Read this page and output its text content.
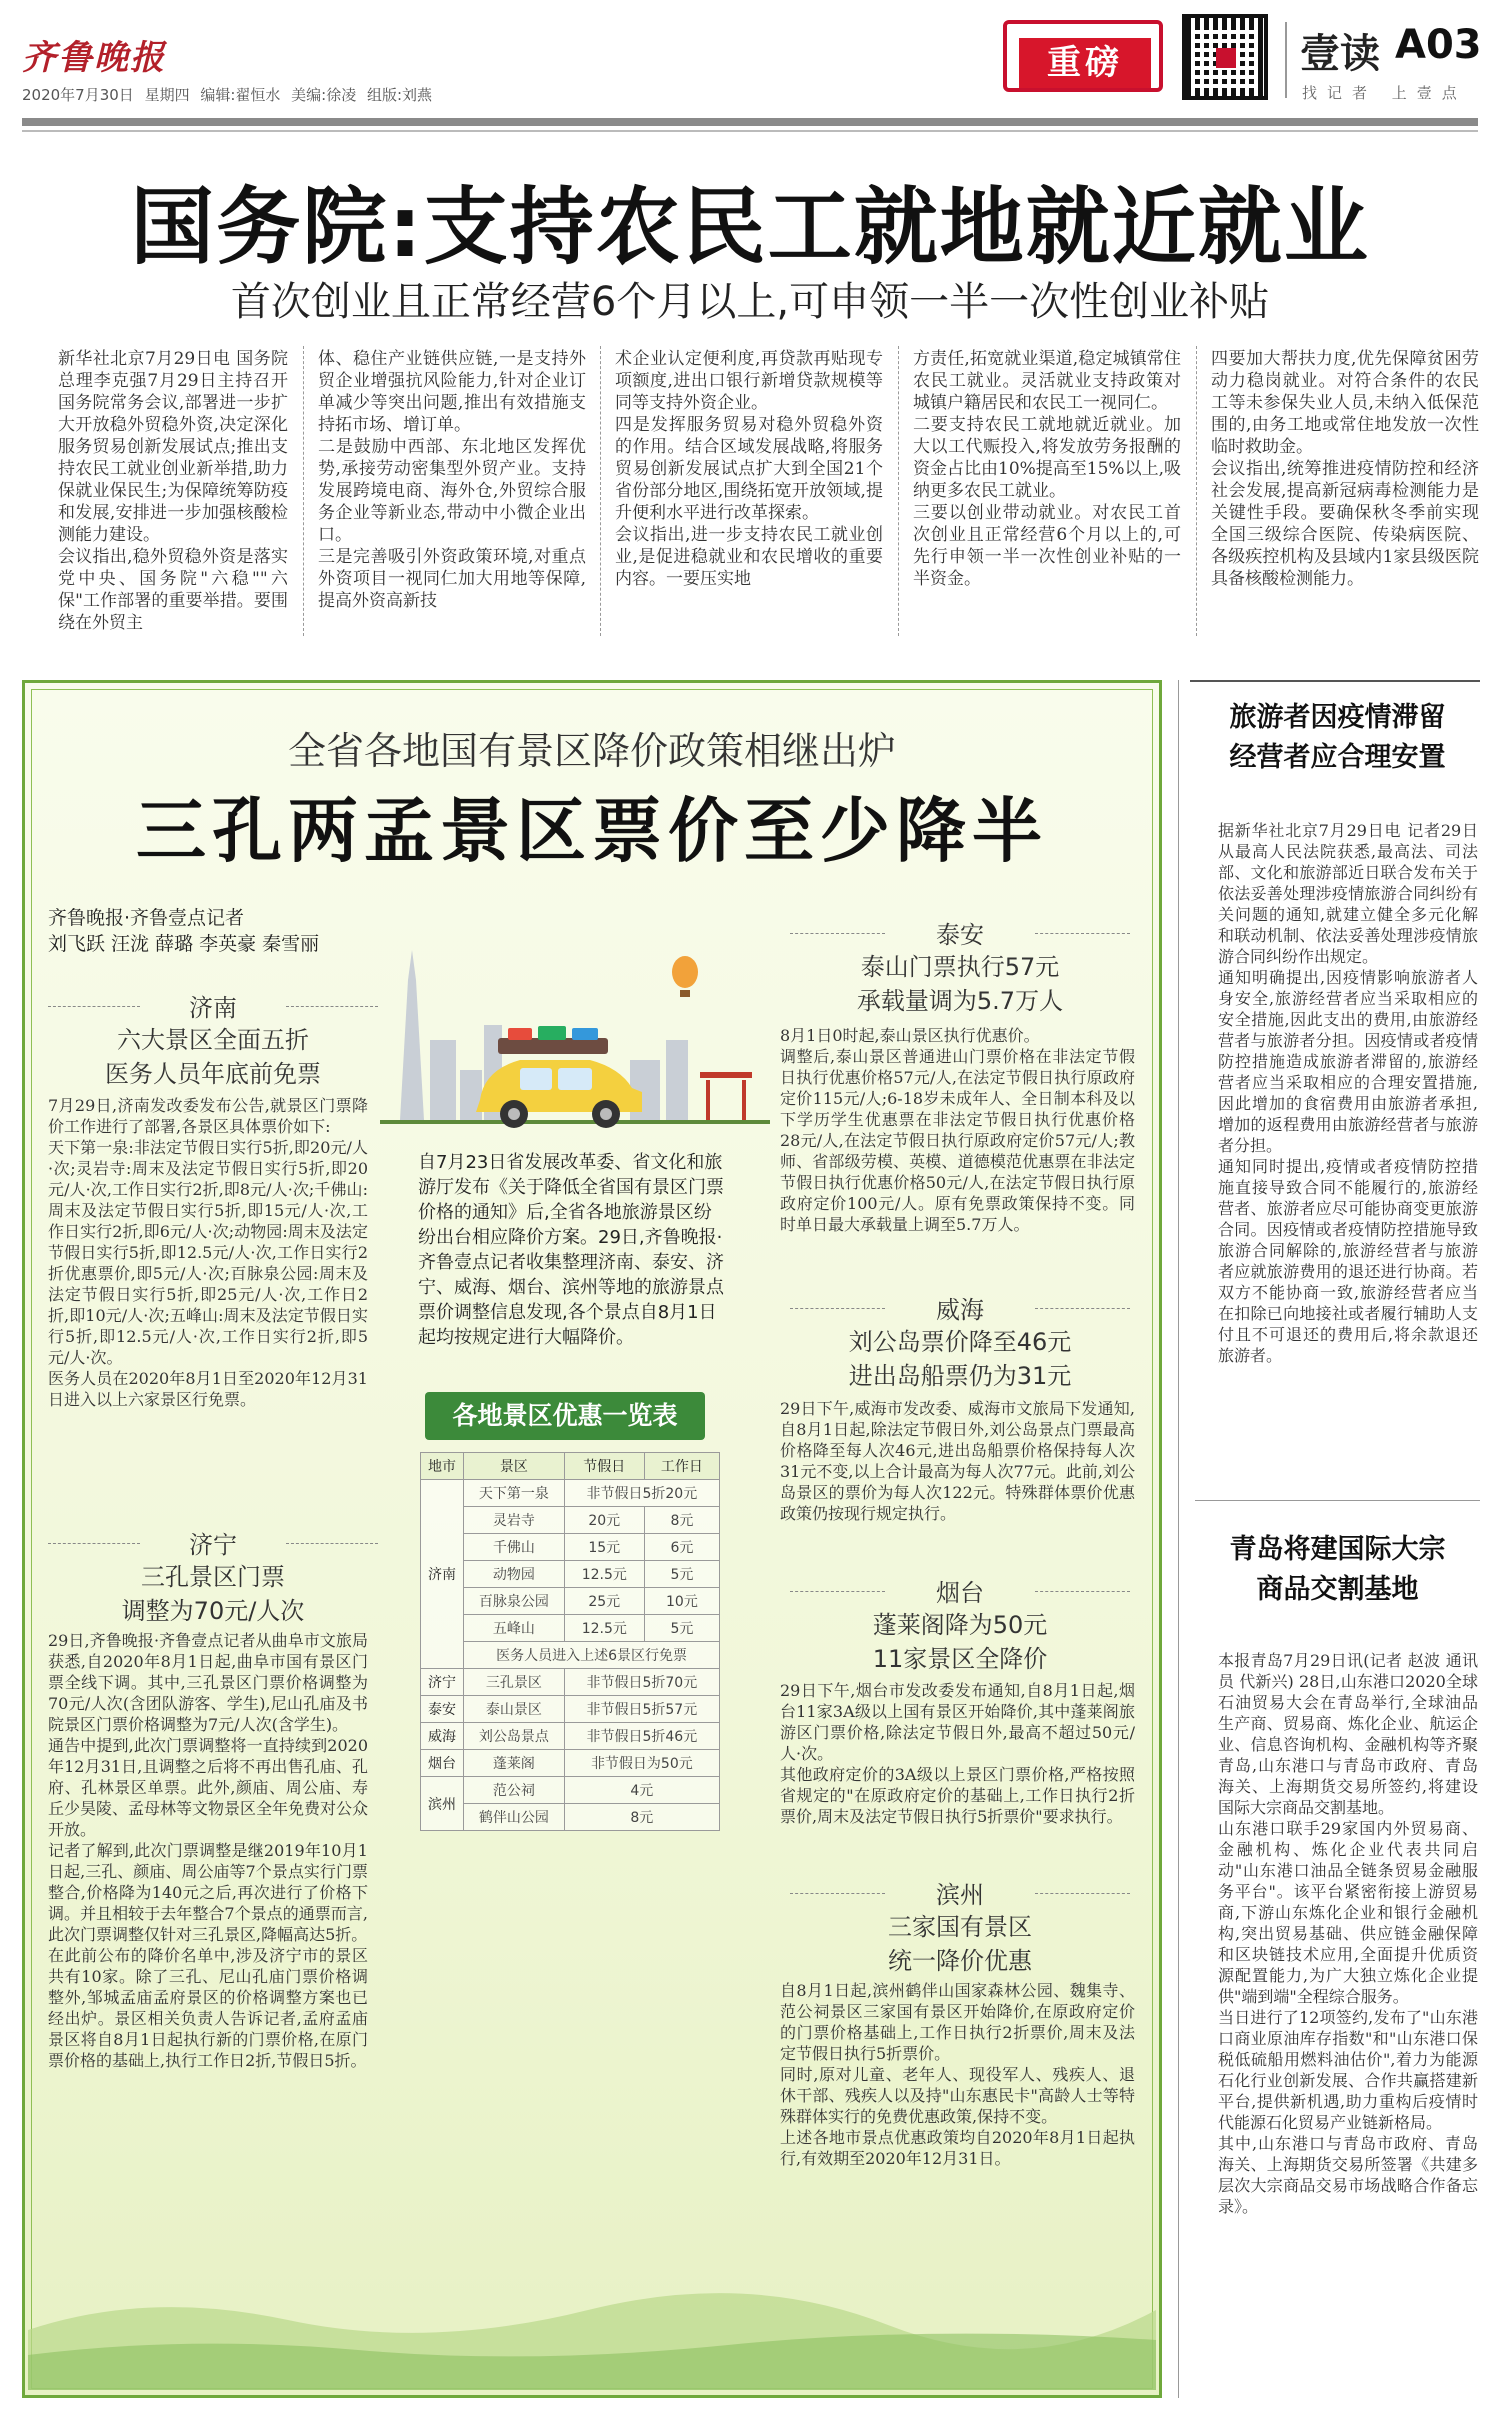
齐鲁晚报
2020年7月30日 星期四 编辑:翟恒水 美编:徐凌 组版:刘燕
重磅	壹读 A03
找记者 上壹点
国务院:支持农民工就地就近就业
首次创业且正常经营6个月以上,可申领一半一次性创业补贴
新华社北京7月29日电 国务院总理李克强7月29日主持召开国务院常务会议,部署进一步扩大开放稳外贸稳外资,决定深化服务贸易创新发展试点;推出支持农民工就业创业新举措,助力保就业保民生;为保障统筹防疫和发展,安排进一步加强核酸检测能力建设。
会议指出,稳外贸稳外资是落实党中央、国务院"六稳""六保"工作部署的重要举措。要围绕在外贸主
体、稳住产业链供应链,一是支持外贸企业增强抗风险能力,针对企业订单减少等突出问题,推出有效措施支持拓市场、增订单。
二是鼓励中西部、东北地区发挥优势,承接劳动密集型外贸产业。支持发展跨境电商、海外仓,外贸综合服务企业等新业态,带动中小微企业出口。
三是完善吸引外资政策环境,对重点外资项目一视同仁加大用地等保障,提高外资高新技
术企业认定便利度,再贷款再贴现专项额度,进出口银行新增贷款规模等同等支持外资企业。
四是发挥服务贸易对稳外贸稳外资的作用。结合区域发展战略,将服务贸易创新发展试点扩大到全国21个省份部分地区,围绕拓宽开放领域,提升便利水平进行改革探索。
会议指出,进一步支持农民工就业创业,是促进稳就业和农民增收的重要内容。一要压实地
方责任,拓宽就业渠道,稳定城镇常住农民工就业。灵活就业支持政策对城镇户籍居民和农民工一视同仁。
二要支持农民工就地就近就业。加大以工代赈投入,将发放劳务报酬的资金占比由10%提高至15%以上,吸纳更多农民工就业。
三要以创业带动就业。对农民工首次创业且正常经营6个月以上的,可先行申领一半一次性创业补贴的一半资金。
四要加大帮扶力度,优先保障贫困劳动力稳岗就业。对符合条件的农民工等未参保失业人员,未纳入低保范围的,由务工地或常住地发放一次性临时救助金。
会议指出,统筹推进疫情防控和经济社会发展,提高新冠病毒检测能力是关键性手段。要确保秋冬季前实现全国三级综合医院、传染病医院、各级疾控机构及县域内1家县级医院具备核酸检测能力。
全省各地国有景区降价政策相继出炉
三孔两孟景区票价至少降半
齐鲁晚报·齐鲁壹点记者
刘飞跃 汪泷 薛璐 李英豪 秦雪丽
济南
六大景区全面五折
医务人员年底前免票
7月29日,济南发改委发布公告,就景区门票降价工作进行了部署,各景区具体票价如下:
天下第一泉:非法定节假日实行5折,即20元/人·次;灵岩寺:周末及法定节假日实行5折,即20元/人·次,工作日实行2折,即8元/人·次;千佛山:周末及法定节假日实行5折,即15元/人·次,工作日实行2折,即6元/人·次;动物园:周末及法定节假日实行5折,即12.5元/人·次,工作日实行2折优惠票价,即5元/人·次;百脉泉公园:周末及法定节假日实行5折,即25元/人·次,工作日2折,即10元/人·次;五峰山:周末及法定节假日实行5折,即12.5元/人·次,工作日实行2折,即5元/人·次。
医务人员在2020年8月1日至2020年12月31日进入以上六家景区行免票。
济宁
三孔景区门票
调整为70元/人次
29日,齐鲁晚报·齐鲁壹点记者从曲阜市文旅局获悉,自2020年8月1日起,曲阜市国有景区门票全线下调。其中,三孔景区门票价格调整为70元/人次(含团队游客、学生),尼山孔庙及书院景区门票价格调整为7元/人次(含学生)。
通告中提到,此次门票调整将一直持续到2020年12月31日,且调整之后将不再出售孔庙、孔府、孔林景区单票。此外,颜庙、周公庙、寿丘少昊陵、孟母林等文物景区全年免费对公众开放。
记者了解到,此次门票调整是继2019年10月1日起,三孔、颜庙、周公庙等7个景点实行门票整合,价格降为140元之后,再次进行了价格下调。并且相较于去年整合7个景点的通票而言,此次门票调整仅针对三孔景区,降幅高达5折。
在此前公布的降价名单中,涉及济宁市的景区共有10家。除了三孔、尼山孔庙门票价格调整外,邹城孟庙孟府景区的价格调整方案也已经出炉。景区相关负责人告诉记者,孟府孟庙景区将自8月1日起执行新的门票价格,在原门票价格的基础上,执行工作日2折,节假日5折。
自7月23日省发展改革委、省文化和旅游厅发布《关于降低全省国有景区门票价格的通知》后,全省各地旅游景区纷纷出台相应降价方案。29日,齐鲁晚报·齐鲁壹点记者收集整理济南、泰安、济宁、威海、烟台、滨州等地的旅游景点票价调整信息发现,各个景点自8月1日起均按规定进行大幅降价。
各地景区优惠一览表
地市	景区	节假日	工作日
济南	天下第一泉	非节假日5折20元	
	灵岩寺	20元	8元
	千佛山	15元	6元
	动物园	12.5元	5元
	百脉泉公园	25元	10元
	五峰山	12.5元	5元
	医务人员进入上述6景区行免票		
济宁	三孔景区	非节假日5折70元	
泰安	泰山景区	非节假日5折57元	
威海	刘公岛景点	非节假日5折46元	
烟台	蓬莱阁	非节假日为50元	
滨州	范公祠	4元	
	鹤伴山公园	8元	
泰安
泰山门票执行57元
承载量调为5.7万人
8月1日0时起,泰山景区执行优惠价。
调整后,泰山景区普通进山门票价格在非法定节假日执行优惠价格57元/人,在法定节假日执行原政府定价115元/人;6-18岁未成年人、全日制本科及以下学历学生优惠票在非法定节假日执行优惠价格28元/人,在法定节假日执行原政府定价57元/人;教师、省部级劳模、英模、道德模范优惠票在非法定节假日执行优惠价格50元/人,在法定节假日执行原政府定价100元/人。原有免票政策保持不变。同时单日最大承载量上调至5.7万人。
威海
刘公岛票价降至46元
进出岛船票仍为31元
29日下午,威海市发改委、威海市文旅局下发通知,自8月1日起,除法定节假日外,刘公岛景点门票最高价格降至每人次46元,进出岛船票价格保持每人次31元不变,以上合计最高为每人次77元。此前,刘公岛景区的票价为每人次122元。特殊群体票价优惠政策仍按现行规定执行。
烟台
蓬莱阁降为50元
11家景区全降价
29日下午,烟台市发改委发布通知,自8月1日起,烟台11家3A级以上国有景区开始降价,其中蓬莱阁旅游区门票价格,除法定节假日外,最高不超过50元/人·次。
其他政府定价的3A级以上景区门票价格,严格按照省规定的"在原政府定价的基础上,工作日执行2折票价,周末及法定节假日执行5折票价"要求执行。
滨州
三家国有景区
统一降价优惠
自8月1日起,滨州鹤伴山国家森林公园、魏集寺、范公祠景区三家国有景区开始降价,在原政府定价的门票价格基础上,工作日执行2折票价,周末及法定节假日执行5折票价。
同时,原对儿童、老年人、现役军人、残疾人、退休干部、残疾人以及持"山东惠民卡"高龄人士等特殊群体实行的免费优惠政策,保持不变。
上述各地市景点优惠政策均自2020年8月1日起执行,有效期至2020年12月31日。
旅游者因疫情滞留
经营者应合理安置
据新华社北京7月29日电 记者29日从最高人民法院获悉,最高法、司法部、文化和旅游部近日联合发布关于依法妥善处理涉疫情旅游合同纠纷有关问题的通知,就建立健全多元化解和联动机制、依法妥善处理涉疫情旅游合同纠纷作出规定。
通知明确提出,因疫情影响旅游者人身安全,旅游经营者应当采取相应的安全措施,因此支出的费用,由旅游经营者与旅游者分担。因疫情或者疫情防控措施造成旅游者滞留的,旅游经营者应当采取相应的合理安置措施,因此增加的食宿费用由旅游者承担,增加的返程费用由旅游经营者与旅游者分担。
通知同时提出,疫情或者疫情防控措施直接导致合同不能履行的,旅游经营者、旅游者应尽可能协商变更旅游合同。因疫情或者疫情防控措施导致旅游合同解除的,旅游经营者与旅游者应就旅游费用的退还进行协商。若双方不能协商一致,旅游经营者应当在扣除已向地接社或者履行辅助人支付且不可退还的费用后,将余款退还旅游者。
青岛将建国际大宗
商品交割基地
本报青岛7月29日讯(记者 赵波 通讯员 代新兴) 28日,山东港口2020全球石油贸易大会在青岛举行,全球油品生产商、贸易商、炼化企业、航运企业、信息咨询机构、金融机构等齐聚青岛,山东港口与青岛市政府、青岛海关、上海期货交易所签约,将建设国际大宗商品交割基地。
山东港口联手29家国内外贸易商、金融机构、炼化企业代表共同启动"山东港口油品全链条贸易金融服务平台"。该平台紧密衔接上游贸易商,下游山东炼化企业和银行金融机构,突出贸易基础、供应链金融保障和区块链技术应用,全面提升优质资源配置能力,为广大独立炼化企业提供"端到端"全程综合服务。
当日进行了12项签约,发布了"山东港口商业原油库存指数"和"山东港口保税低硫船用燃料油估价",着力为能源石化行业创新发展、合作共赢搭建新平台,提供新机遇,助力重构后疫情时代能源石化贸易产业链新格局。
其中,山东港口与青岛市政府、青岛海关、上海期货交易所签署《共建多层次大宗商品交易市场战略合作备忘录》。
